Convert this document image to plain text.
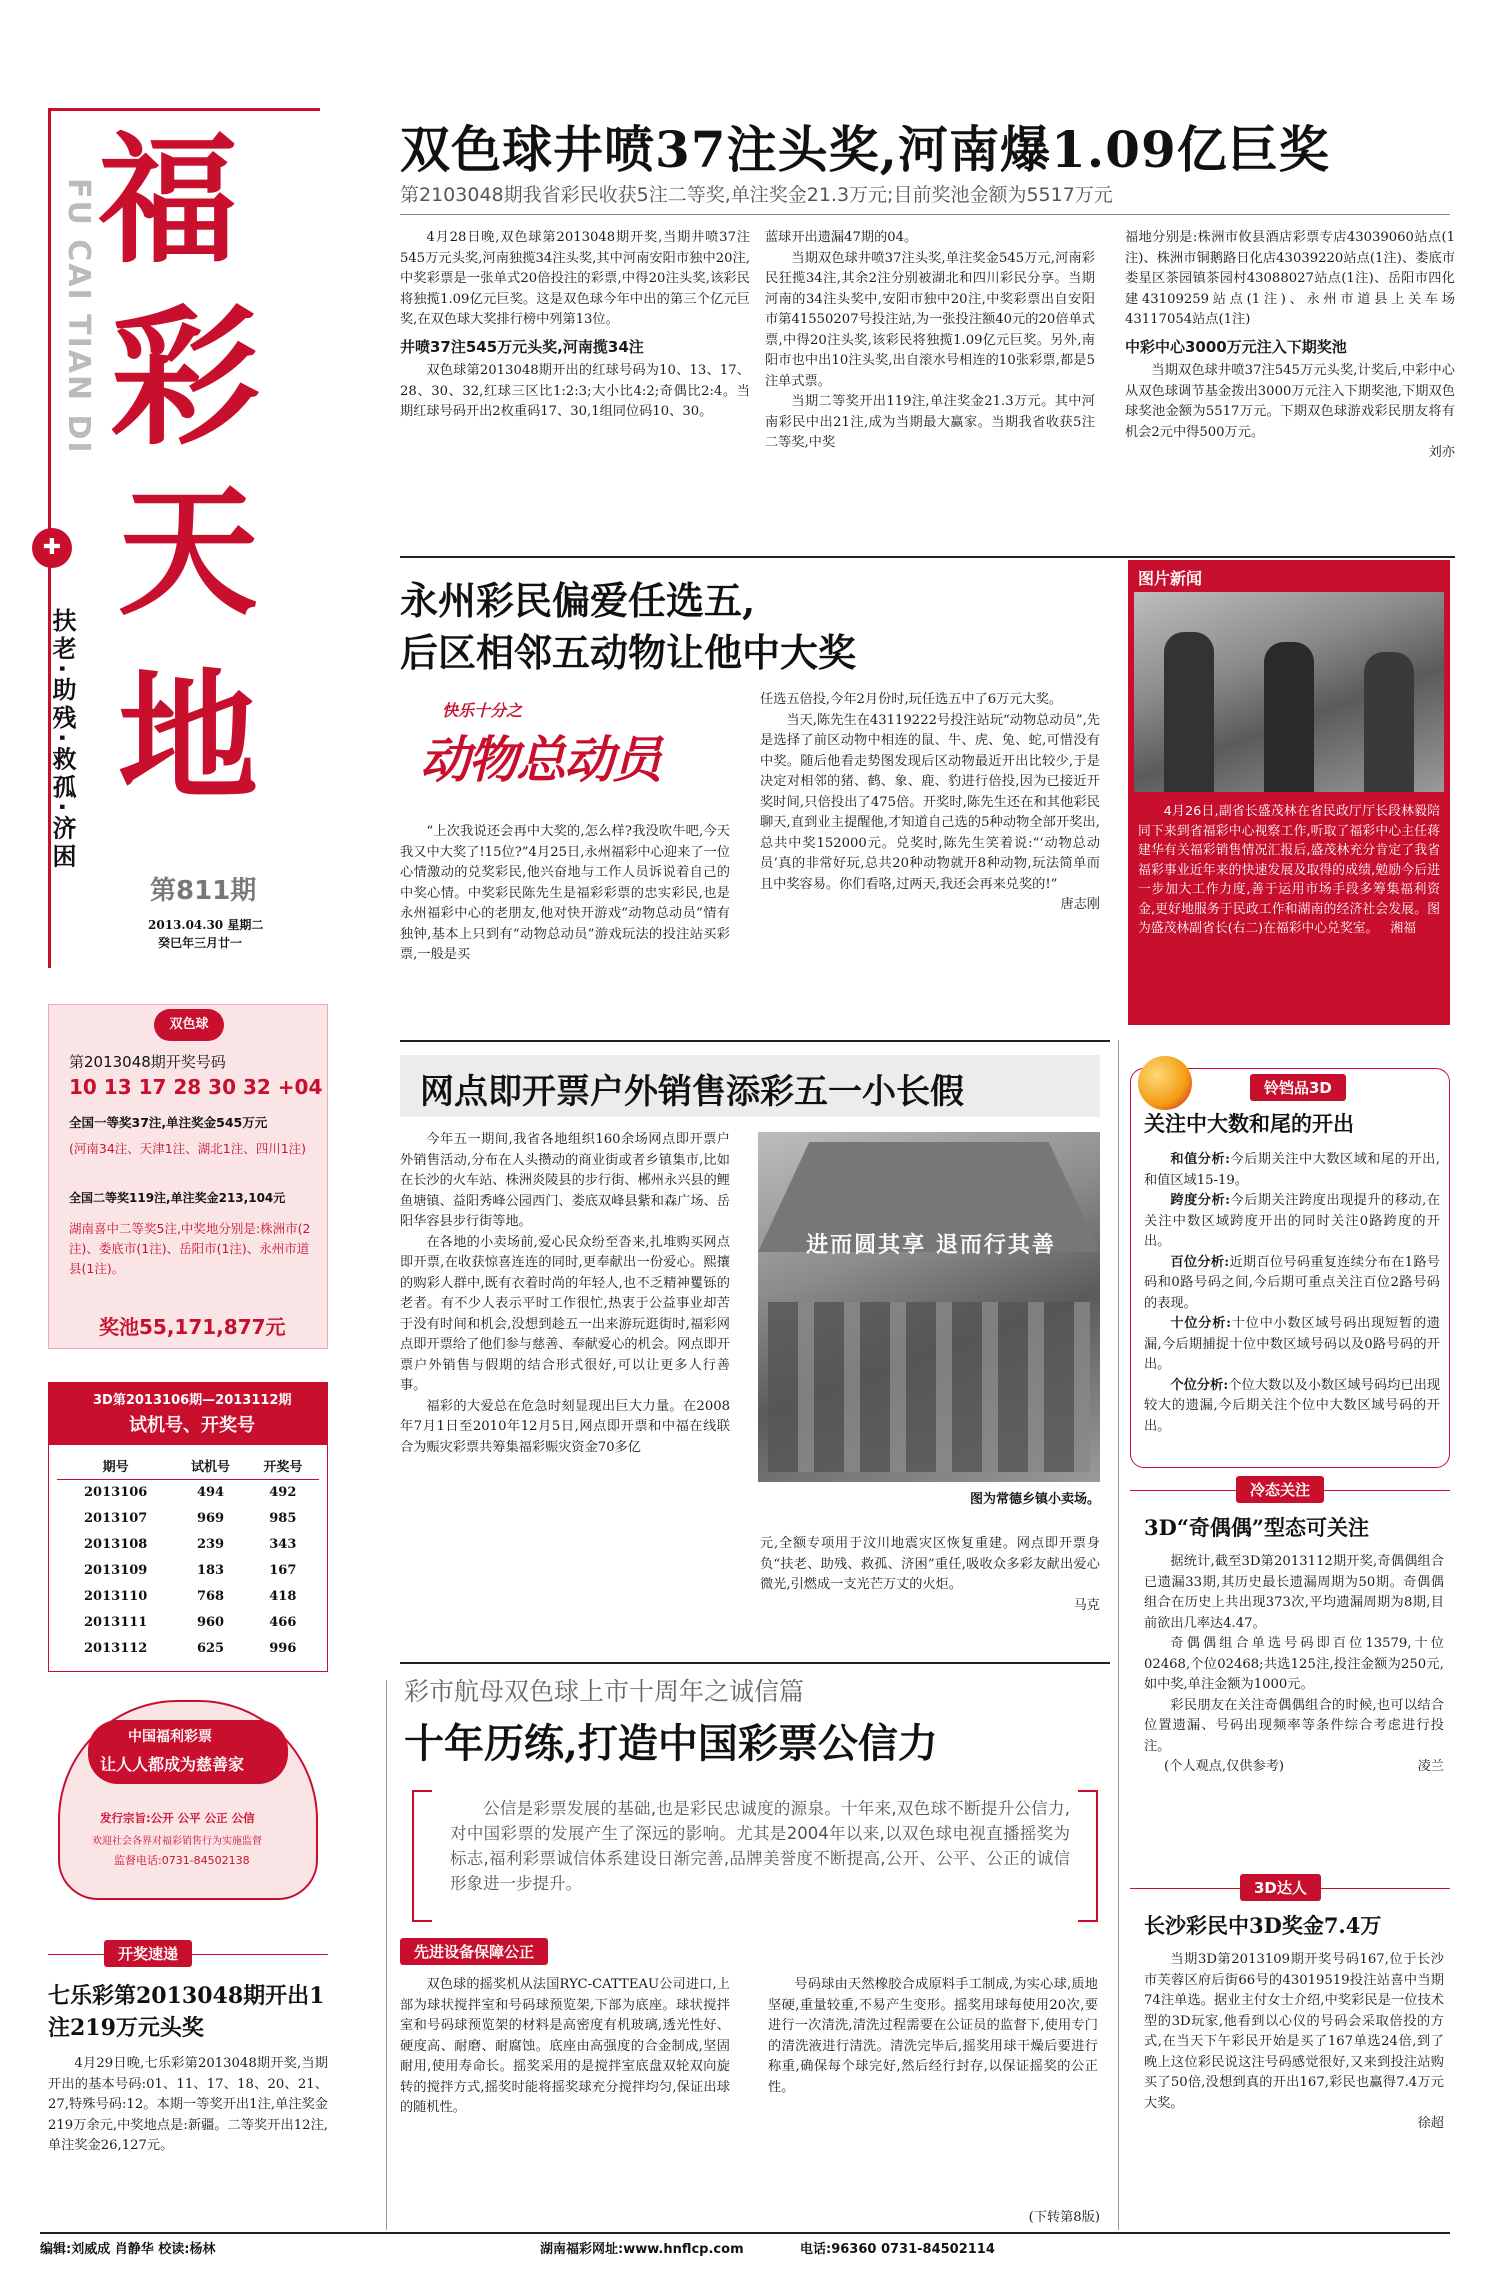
FU CAI TIAN DI 福
彩
天
地
✚
扶老·助残·救孤·济困
第811期
2013.04.30 星期二
癸巳年三月廿一
双色球井喷37注头奖,河南爆1.09亿巨奖
第2103048期我省彩民收获5注二等奖,单注奖金21.3万元;目前奖池金额为5517万元

4月28日晚,双色球第2013048期开奖,当期井喷37注545万元头奖,河南独揽34注头奖,其中河南安阳市独中20注,中奖彩票是一张单式20倍投注的彩票,中得20注头奖,该彩民将独揽1.09亿元巨奖。这是双色球今年中出的第三个亿元巨奖,在双色球大奖排行榜中列第13位。

井喷37注545万元头奖,河南揽34注

双色球第2013048期开出的红球号码为10、13、17、28、30、32,红球三区比1:2:3;大小比4:2;奇偶比2:4。当期红球号码开出2枚重码17、30,1组同位码10、30。

蓝球开出遗漏47期的04。

当期双色球井喷37注头奖,单注奖金545万元,河南彩民狂揽34注,其余2注分别被湖北和四川彩民分享。当期河南的34注头奖中,安阳市独中20注,中奖彩票出自安阳市第41550207号投注站,为一张投注额40元的20倍单式票,中得20注头奖,该彩民将独揽1.09亿元巨奖。另外,南阳市也中出10注头奖,出自滚水号相连的10张彩票,都是5注单式票。

当期二等奖开出119注,单注奖金21.3万元。其中河南彩民中出21注,成为当期最大赢家。当期我省收获5注二等奖,中奖

福地分别是:株洲市攸县酒店彩票专店43039060站点(1注)、株洲市铜鹅路日化店43039220站点(1注)、娄底市娄星区茶园镇茶园村43088027站点(1注)、岳阳市四化建43109259站点(1注)、永州市道县上关车场43117054站点(1注)

中彩中心3000万元注入下期奖池

当期双色球井喷37注545万元头奖,计奖后,中彩中心从双色球调节基金拨出3000万元注入下期奖池,下期双色球奖池金额为5517万元。下期双色球游戏彩民朋友将有机会2元中得500万元。

刘亦
永州彩民偏爱任选五,
后区相邻五动物让他中大奖
快乐十分之
动物总动员

“上次我说还会再中大奖的,怎么样?我没吹牛吧,今天我又中大奖了!15位?”4月25日,永州福彩中心迎来了一位心情激动的兑奖彩民,他兴奋地与工作人员诉说着自己的中奖心情。中奖彩民陈先生是福彩彩票的忠实彩民,也是永州福彩中心的老朋友,他对快开游戏“动物总动员”情有独钟,基本上只到有“动物总动员”游戏玩法的投注站买彩票,一般是买

任选五倍投,今年2月份时,玩任选五中了6万元大奖。

当天,陈先生在43119222号投注站玩“动物总动员”,先是选择了前区动物中相连的鼠、牛、虎、兔、蛇,可惜没有中奖。随后他看走势图发现后区动物最近开出比较少,于是决定对相邻的猪、鹤、象、鹿、豹进行倍投,因为已接近开奖时间,只倍投出了475倍。开奖时,陈先生还在和其他彩民聊天,直到业主提醒他,才知道自己选的5种动物全部开奖出,总共中奖152000元。兑奖时,陈先生笑着说:“‘动物总动员’真的非常好玩,总共20种动物就开8种动物,玩法简单而且中奖容易。你们看咯,过两天,我还会再来兑奖的!”

唐志刚
图片新闻
4月26日,副省长盛茂林在省民政厅厅长段林毅陪同下来到省福彩中心视察工作,听取了福彩中心主任蒋建华有关福彩销售情况汇报后,盛茂林充分肯定了我省福彩事业近年来的快速发展及取得的成绩,勉励今后进一步加大工作力度,善于运用市场手段多筹集福利资金,更好地服务于民政工作和湖南的经济社会发展。图为盛茂林副省长(右二)在福彩中心兑奖室。 湘福
网点即开票户外销售添彩五一小长假

今年五一期间,我省各地组织160余场网点即开票户外销售活动,分布在人头攒动的商业街或者乡镇集市,比如在长沙的火车站、株洲炎陵县的步行街、郴州永兴县的鲤鱼塘镇、益阳秀峰公园西门、娄底双峰县紫和森广场、岳阳华容县步行街等地。

在各地的小卖场前,爱心民众纷至沓来,扎堆购买网点即开票,在收获惊喜连连的同时,更奉献出一份爱心。熙攘的购彩人群中,既有衣着时尚的年轻人,也不乏精神矍铄的老者。有不少人表示平时工作很忙,热衷于公益事业却苦于没有时间和机会,没想到趁五一出来游玩逛街时,福彩网点即开票给了他们参与慈善、奉献爱心的机会。网点即开票户外销售与假期的结合形式很好,可以让更多人行善事。

福彩的大爱总在危急时刻显现出巨大力量。在2008年7月1日至2010年12月5日,网点即开票和中福在线联合为赈灾彩票共筹集福彩赈灾资金70多亿

进而圆其享 退而行其善
图为常德乡镇小卖场。

元,全额专项用于汶川地震灾区恢复重建。网点即开票身负“扶老、助残、救孤、济困”重任,吸收众多彩友献出爱心微光,引燃成一支光芒万丈的火炬。

马克
彩市航母双色球上市十周年之诚信篇
十年历练,打造中国彩票公信力
公信是彩票发展的基础,也是彩民忠诚度的源泉。十年来,双色球不断提升公信力,对中国彩票的发展产生了深远的影响。尤其是2004年以来,以双色球电视直播摇奖为标志,福利彩票诚信体系建设日渐完善,品牌美誉度不断提高,公开、公平、公正的诚信形象进一步提升。
先进设备保障公正

双色球的摇奖机从法国RYC-CATTEAU公司进口,上部为球状搅拌室和号码球预览架,下部为底座。球状搅拌室和号码球预览架的材料是高密度有机玻璃,透光性好、硬度高、耐磨、耐腐蚀。底座由高强度的合金制成,坚固耐用,使用寿命长。摇奖采用的是搅拌室底盘双轮双向旋转的搅拌方式,摇奖时能将摇奖球充分搅拌均匀,保证出球的随机性。

号码球由天然橡胶合成原料手工制成,为实心球,质地坚硬,重量较重,不易产生变形。摇奖用球每使用20次,要进行一次清洗,清洗过程需要在公证员的监督下,使用专门的清洗液进行清洗。清洗完毕后,摇奖用球干燥后要进行称重,确保每个球完好,然后经行封存,以保证摇奖的公正性。

(下转第8版)
双色球
第2013048期开奖号码
10 13 17 28 30 32 +04
全国一等奖37注,单注奖金545万元
(河南34注、天津1注、湖北1注、四川1注)
全国二等奖119注,单注奖金213,104元
湖南喜中二等奖5注,中奖地分别是:株洲市(2注)、娄底市(1注)、岳阳市(1注)、永州市道县(1注)。
奖池55,171,877元
3D第2013106期—2013112期
试机号、开奖号
期号	试机号	开奖号
2013106	494	492
2013107	969	985
2013108	239	343
2013109	183	167
2013110	768	418
2013111	960	466
2013112	625	996
中国福利彩票
让人人都成为慈善家
发行宗旨:公开 公平 公正 公信
欢迎社会各界对福彩销售行为实施监督
监督电话:0731-84502138
开奖速递
七乐彩第2013048期开出1注219万元头奖

4月29日晚,七乐彩第2013048期开奖,当期开出的基本号码:01、11、17、18、20、21、27,特殊号码:12。本期一等奖开出1注,单注奖金219万余元,中奖地点是:新疆。二等奖开出12注,单注奖金26,127元。

铃铛品3D
关注中大数和尾的开出

和值分析:今后期关注中大数区域和尾的开出,和值区域15-19。

跨度分析:今后期关注跨度出现提升的移动,在关注中数区域跨度开出的同时关注0路跨度的开出。

百位分析:近期百位号码重复连续分布在1路号码和0路号码之间,今后期可重点关注百位2路号码的表现。

十位分析:十位中小数区域号码出现短暂的遗漏,今后期捕捉十位中数区域号码以及0路号码的开出。

个位分析:个位大数以及小数区域号码均已出现较大的遗漏,今后期关注个位中大数区域号码的开出。

冷态关注
3D“奇偶偶”型态可关注

据统计,截至3D第2013112期开奖,奇偶偶组合已遗漏33期,其历史最长遗漏周期为50期。奇偶偶组合在历史上共出现373次,平均遗漏周期为8期,目前欲出几率达4.47。

奇偶偶组合单选号码即百位13579,十位02468,个位02468;共选125注,投注金额为250元,如中奖,单注金额为1000元。

彩民朋友在关注奇偶偶组合的时候,也可以结合位置遗漏、号码出现频率等条件综合考虑进行投注。

(个人观点,仅供参考)	凌兰
3D达人
长沙彩民中3D奖金7.4万

当期3D第2013109期开奖号码167,位于长沙市芙蓉区府后街66号的43019519投注站喜中当期74注单选。据业主付女士介绍,中奖彩民是一位技术型的3D玩家,他看到以心仪的号码会采取倍投的方式,在当天下午彩民开始是买了167单选24倍,到了晚上这位彩民说这注号码感觉很好,又来到投注站购买了50倍,没想到真的开出167,彩民也赢得7.4万元大奖。

徐超
编辑:刘威成 肖静华 校读:杨林	湖南福彩网址:www.hnflcp.com	电话:96360 0731-84502114
